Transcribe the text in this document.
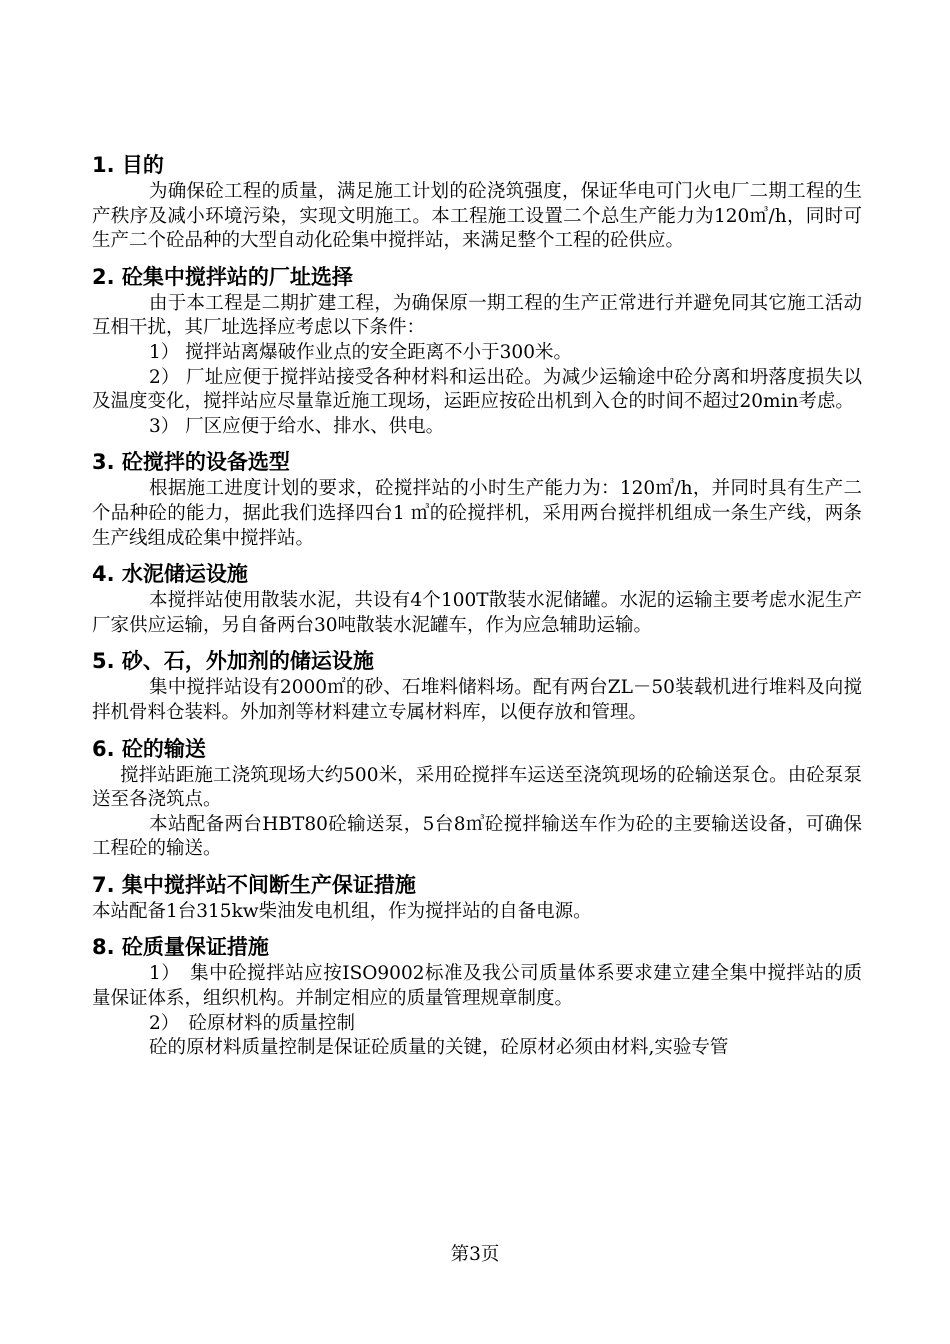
1. 目的

为确保砼工程的质量，满足施工计划的砼浇筑强度，保证华电可门火电厂二期工程的生产秩序及减小环境污染，实现文明施工。本工程施工设置二个总生产能力为120㎥/h，同时可生产二个砼品种的大型自动化砼集中搅拌站，来满足整个工程的砼供应。

2. 砼集中搅拌站的厂址选择

由于本工程是二期扩建工程，为确保原一期工程的生产正常进行并避免同其它施工活动互相干扰，其厂址选择应考虑以下条件：

1） 搅拌站离爆破作业点的安全距离不小于300米。

2） 厂址应便于搅拌站接受各种材料和运出砼。为减少运输途中砼分离和坍落度损失以及温度变化，搅拌站应尽量靠近施工现场，运距应按砼出机到入仓的时间不超过20min考虑。

3） 厂区应便于给水、排水、供电。

3. 砼搅拌的设备选型

根据施工进度计划的要求，砼搅拌站的小时生产能力为：120㎥/h，并同时具有生产二个品种砼的能力，据此我们选择四台1 ㎥的砼搅拌机，采用两台搅拌机组成一条生产线，两条生产线组成砼集中搅拌站。

4. 水泥储运设施

本搅拌站使用散装水泥，共设有4个100T散装水泥储罐。水泥的运输主要考虑水泥生产厂家供应运输，另自备两台30吨散装水泥罐车，作为应急辅助运输。

5. 砂、石，外加剂的储运设施

集中搅拌站设有2000㎡的砂、石堆料储料场。配有两台ZL－50装载机进行堆料及向搅拌机骨料仓装料。外加剂等材料建立专属材料库，以便存放和管理。

6. 砼的输送

搅拌站距施工浇筑现场大约500米，采用砼搅拌车运送至浇筑现场的砼输送泵仓。由砼泵泵送至各浇筑点。

本站配备两台HBT80砼输送泵，5台8㎥砼搅拌输送车作为砼的主要输送设备，可确保工程砼的输送。

7. 集中搅拌站不间断生产保证措施

本站配备1台315kw柴油发电机组，作为搅拌站的自备电源。

8. 砼质量保证措施

1）　集中砼搅拌站应按ISO9002标准及我公司质量体系要求建立建全集中搅拌站的质量保证体系，组织机构。并制定相应的质量管理规章制度。

2）　砼原材料的质量控制

砼的原材料质量控制是保证砼质量的关键，砼原材必须由材料,实验专管

第3页
